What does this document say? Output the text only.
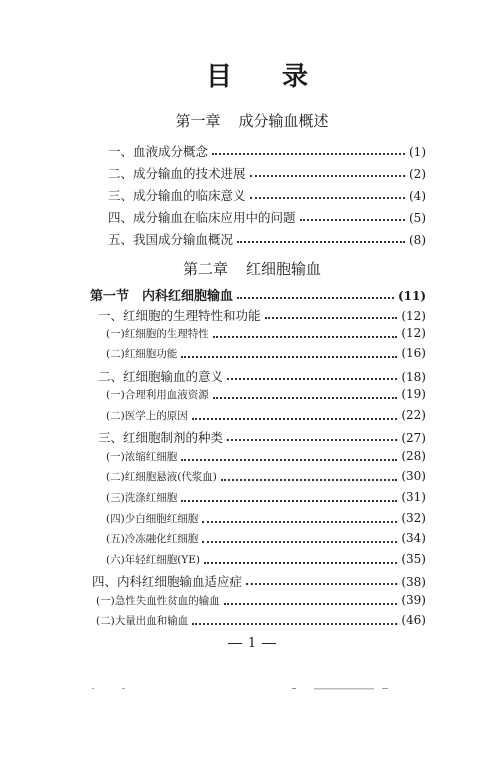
目 录
第一章 成分输血概述
一、血液成分概念	(1)
二、成分输血的技术进展	(2)
三、成分输血的临床意义	(4)
四、成分输血在临床应用中的问题	(5)
五、我国成分输血概况	(8)
第二章 红细胞输血
第一节　内科红细胞输血	(11)
一、红细胞的生理特性和功能	(12)
(一)红细胞的生理特性	(12)
(二)红细胞功能	(16)
二、红细胞输血的意义	(18)
(一)合理利用血液资源	(19)
(二)医学上的原因	(22)
三、红细胞制剂的种类	(27)
(一)浓缩红细胞	(28)
(二)红细胞悬液(代浆血)	(30)
(三)洗涤红细胞	(31)
(四)少白细胞红细胞	(32)
(五)冷冻融化红细胞	(34)
(六)年轻红细胞(YE)	(35)
四、内科红细胞输血适应症	(38)
(一)急性失血性贫血的输血	(39)
(二)大量出血和输血	(46)
1
